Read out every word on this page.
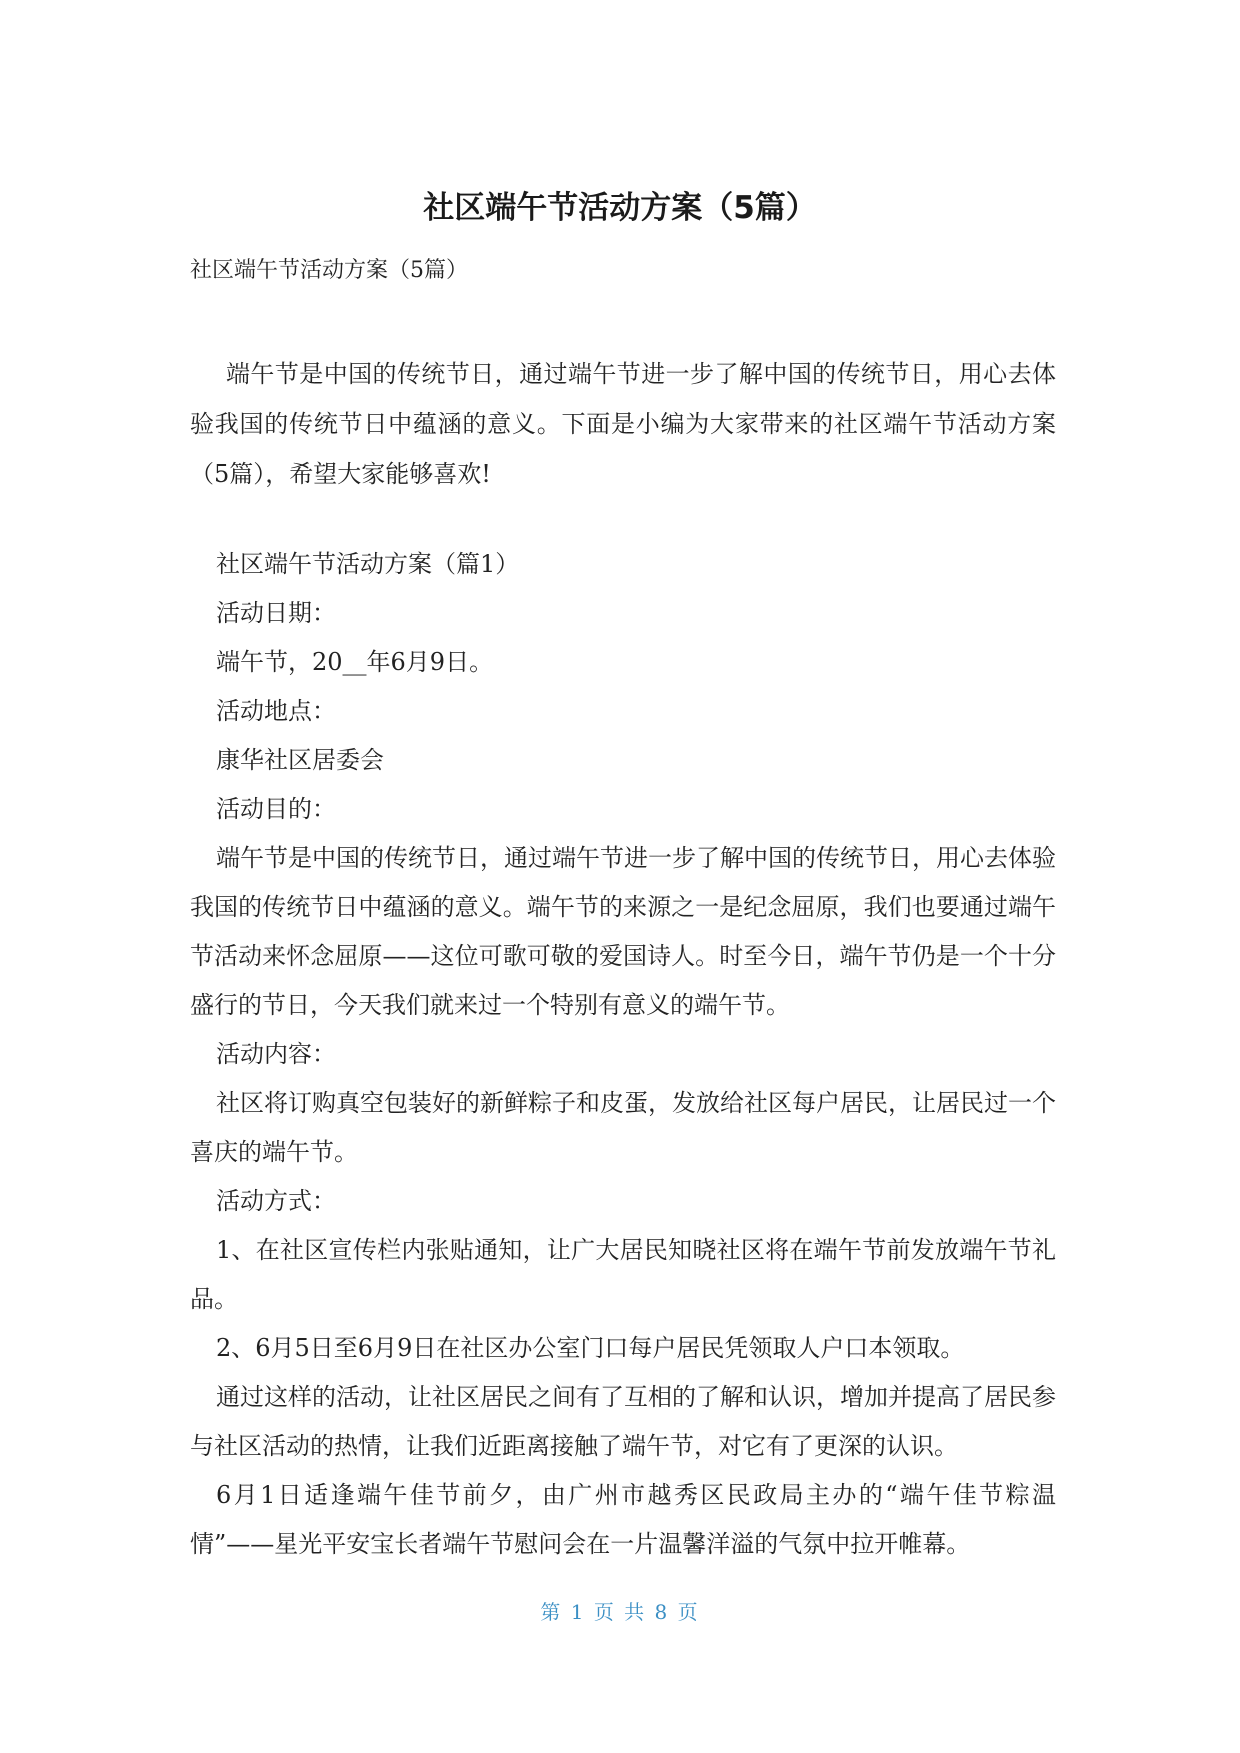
社区端午节活动方案（5篇）

社区端午节活动方案（5篇）

端午节是中国的传统节日，通过端午节进一步了解中国的传统节日，用心去体验我国的传统节日中蕴涵的意义。下面是小编为大家带来的社区端午节活动方案（5篇），希望大家能够喜欢!

社区端午节活动方案（篇1）

活动日期：

端午节，20__年6月9日。

活动地点：

康华社区居委会

活动目的：

端午节是中国的传统节日，通过端午节进一步了解中国的传统节日，用心去体验我国的传统节日中蕴涵的意义。端午节的来源之一是纪念屈原，我们也要通过端午节活动来怀念屈原——这位可歌可敬的爱国诗人。时至今日，端午节仍是一个十分盛行的节日，今天我们就来过一个特别有意义的端午节。

活动内容：

社区将订购真空包装好的新鲜粽子和皮蛋，发放给社区每户居民，让居民过一个喜庆的端午节。

活动方式：

1、在社区宣传栏内张贴通知，让广大居民知晓社区将在端午节前发放端午节礼品。

2、6月5日至6月9日在社区办公室门口每户居民凭领取人户口本领取。

通过这样的活动，让社区居民之间有了互相的了解和认识，增加并提高了居民参与社区活动的热情，让我们近距离接触了端午节，对它有了更深的认识。

6月1日适逢端午佳节前夕，由广州市越秀区民政局主办的“端午佳节粽温情”——星光平安宝长者端午节慰问会在一片温馨洋溢的气氛中拉开帷幕。

第 1 页 共 8 页
